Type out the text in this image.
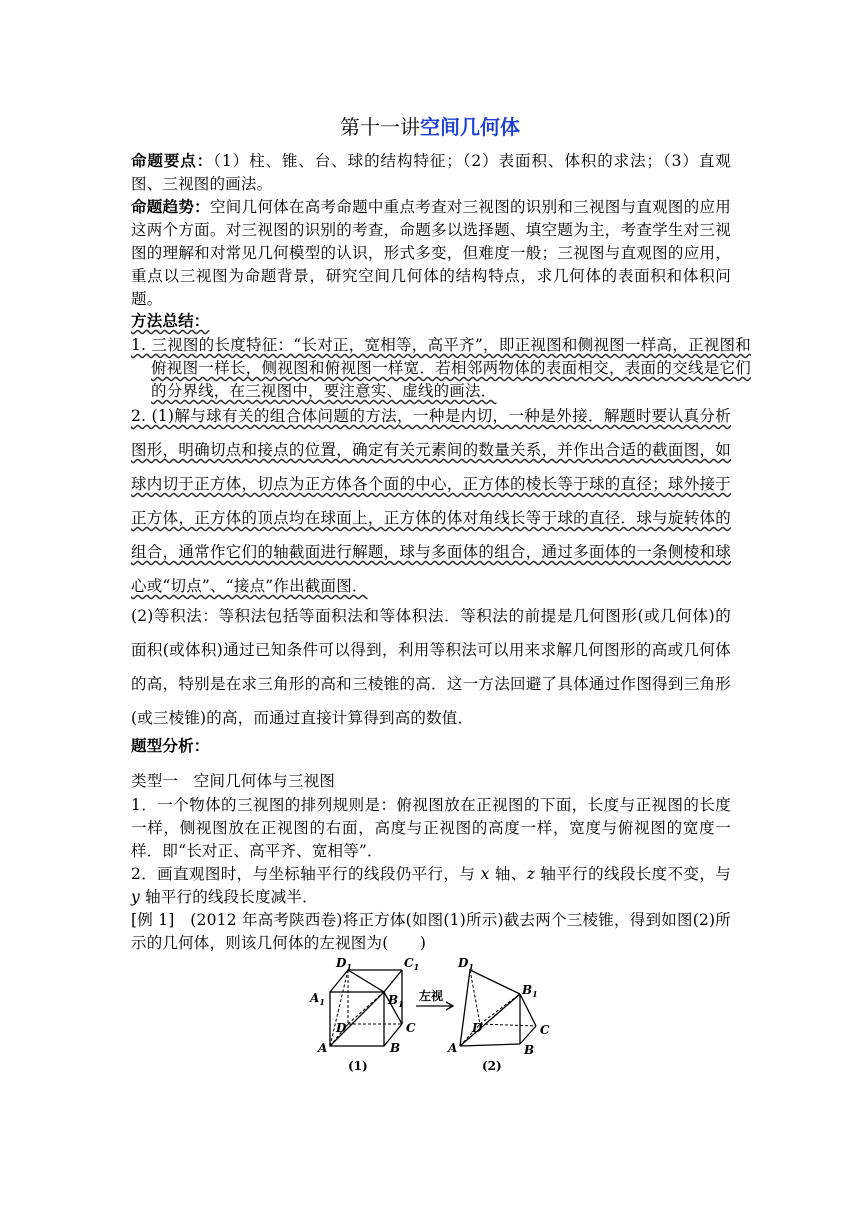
第十一讲空间几何体
命题要点：（1）柱、锥、台、球的结构特征；（2）表面积、体积的求法；（3）直观图、三视图的画法。
命题趋势：空间几何体在高考命题中重点考查对三视图的识别和三视图与直观图的应用这两个方面。对三视图的识别的考查，命题多以选择题、填空题为主，考查学生对三视图的理解和对常见几何模型的认识，形式多变，但难度一般；三视图与直观图的应用，重点以三视图为命题背景，研究空间几何体的结构特点，求几何体的表面积和体积问题。
方法总结：
1. 三视图的长度特征：“长对正，宽相等，高平齐”，即正视图和侧视图一样高，正视图和俯视图一样长，侧视图和俯视图一样宽．若相邻两物体的表面相交，表面的交线是它们的分界线，在三视图中，要注意实、虚线的画法．
2. (1)解与球有关的组合体问题的方法，一种是内切，一种是外接．解题时要认真分析图形，明确切点和接点的位置，确定有关元素间的数量关系，并作出合适的截面图，如球内切于正方体，切点为正方体各个面的中心，正方体的棱长等于球的直径；球外接于正方体，正方体的顶点均在球面上，正方体的体对角线长等于球的直径．球与旋转体的组合，通常作它们的轴截面进行解题，球与多面体的组合，通过多面体的一条侧棱和球心或“切点”、“接点”作出截面图．
(2)等积法：等积法包括等面积法和等体积法．等积法的前提是几何图形(或几何体)的面积(或体积)通过已知条件可以得到，利用等积法可以用来求解几何图形的高或几何体的高，特别是在求三角形的高和三棱锥的高．这一方法回避了具体通过作图得到三角形(或三棱锥)的高，而通过直接计算得到高的数值．
题型分析：
类型一　空间几何体与三视图
1．一个物体的三视图的排列规则是：俯视图放在正视图的下面，长度与正视图的长度一样，侧视图放在正视图的右面，高度与正视图的高度一样，宽度与俯视图的宽度一样．即“长对正、高平齐、宽相等”．
2．画直观图时，与坐标轴平行的线段仍平行，与 x 轴、z 轴平行的线段长度不变，与 y 轴平行的线段长度减半．
[例 1]　(2012 年高考陕西卷)将正方体(如图(1)所示)截去两个三棱锥，得到如图(2)所示的几何体，则该几何体的左视图为(　　)
$D_1$	$C_1$
$A_1$	$B_1$
D	C
A	B
(1)
左视
$D_1$
$B_1$
D	C
A	B
(2)
